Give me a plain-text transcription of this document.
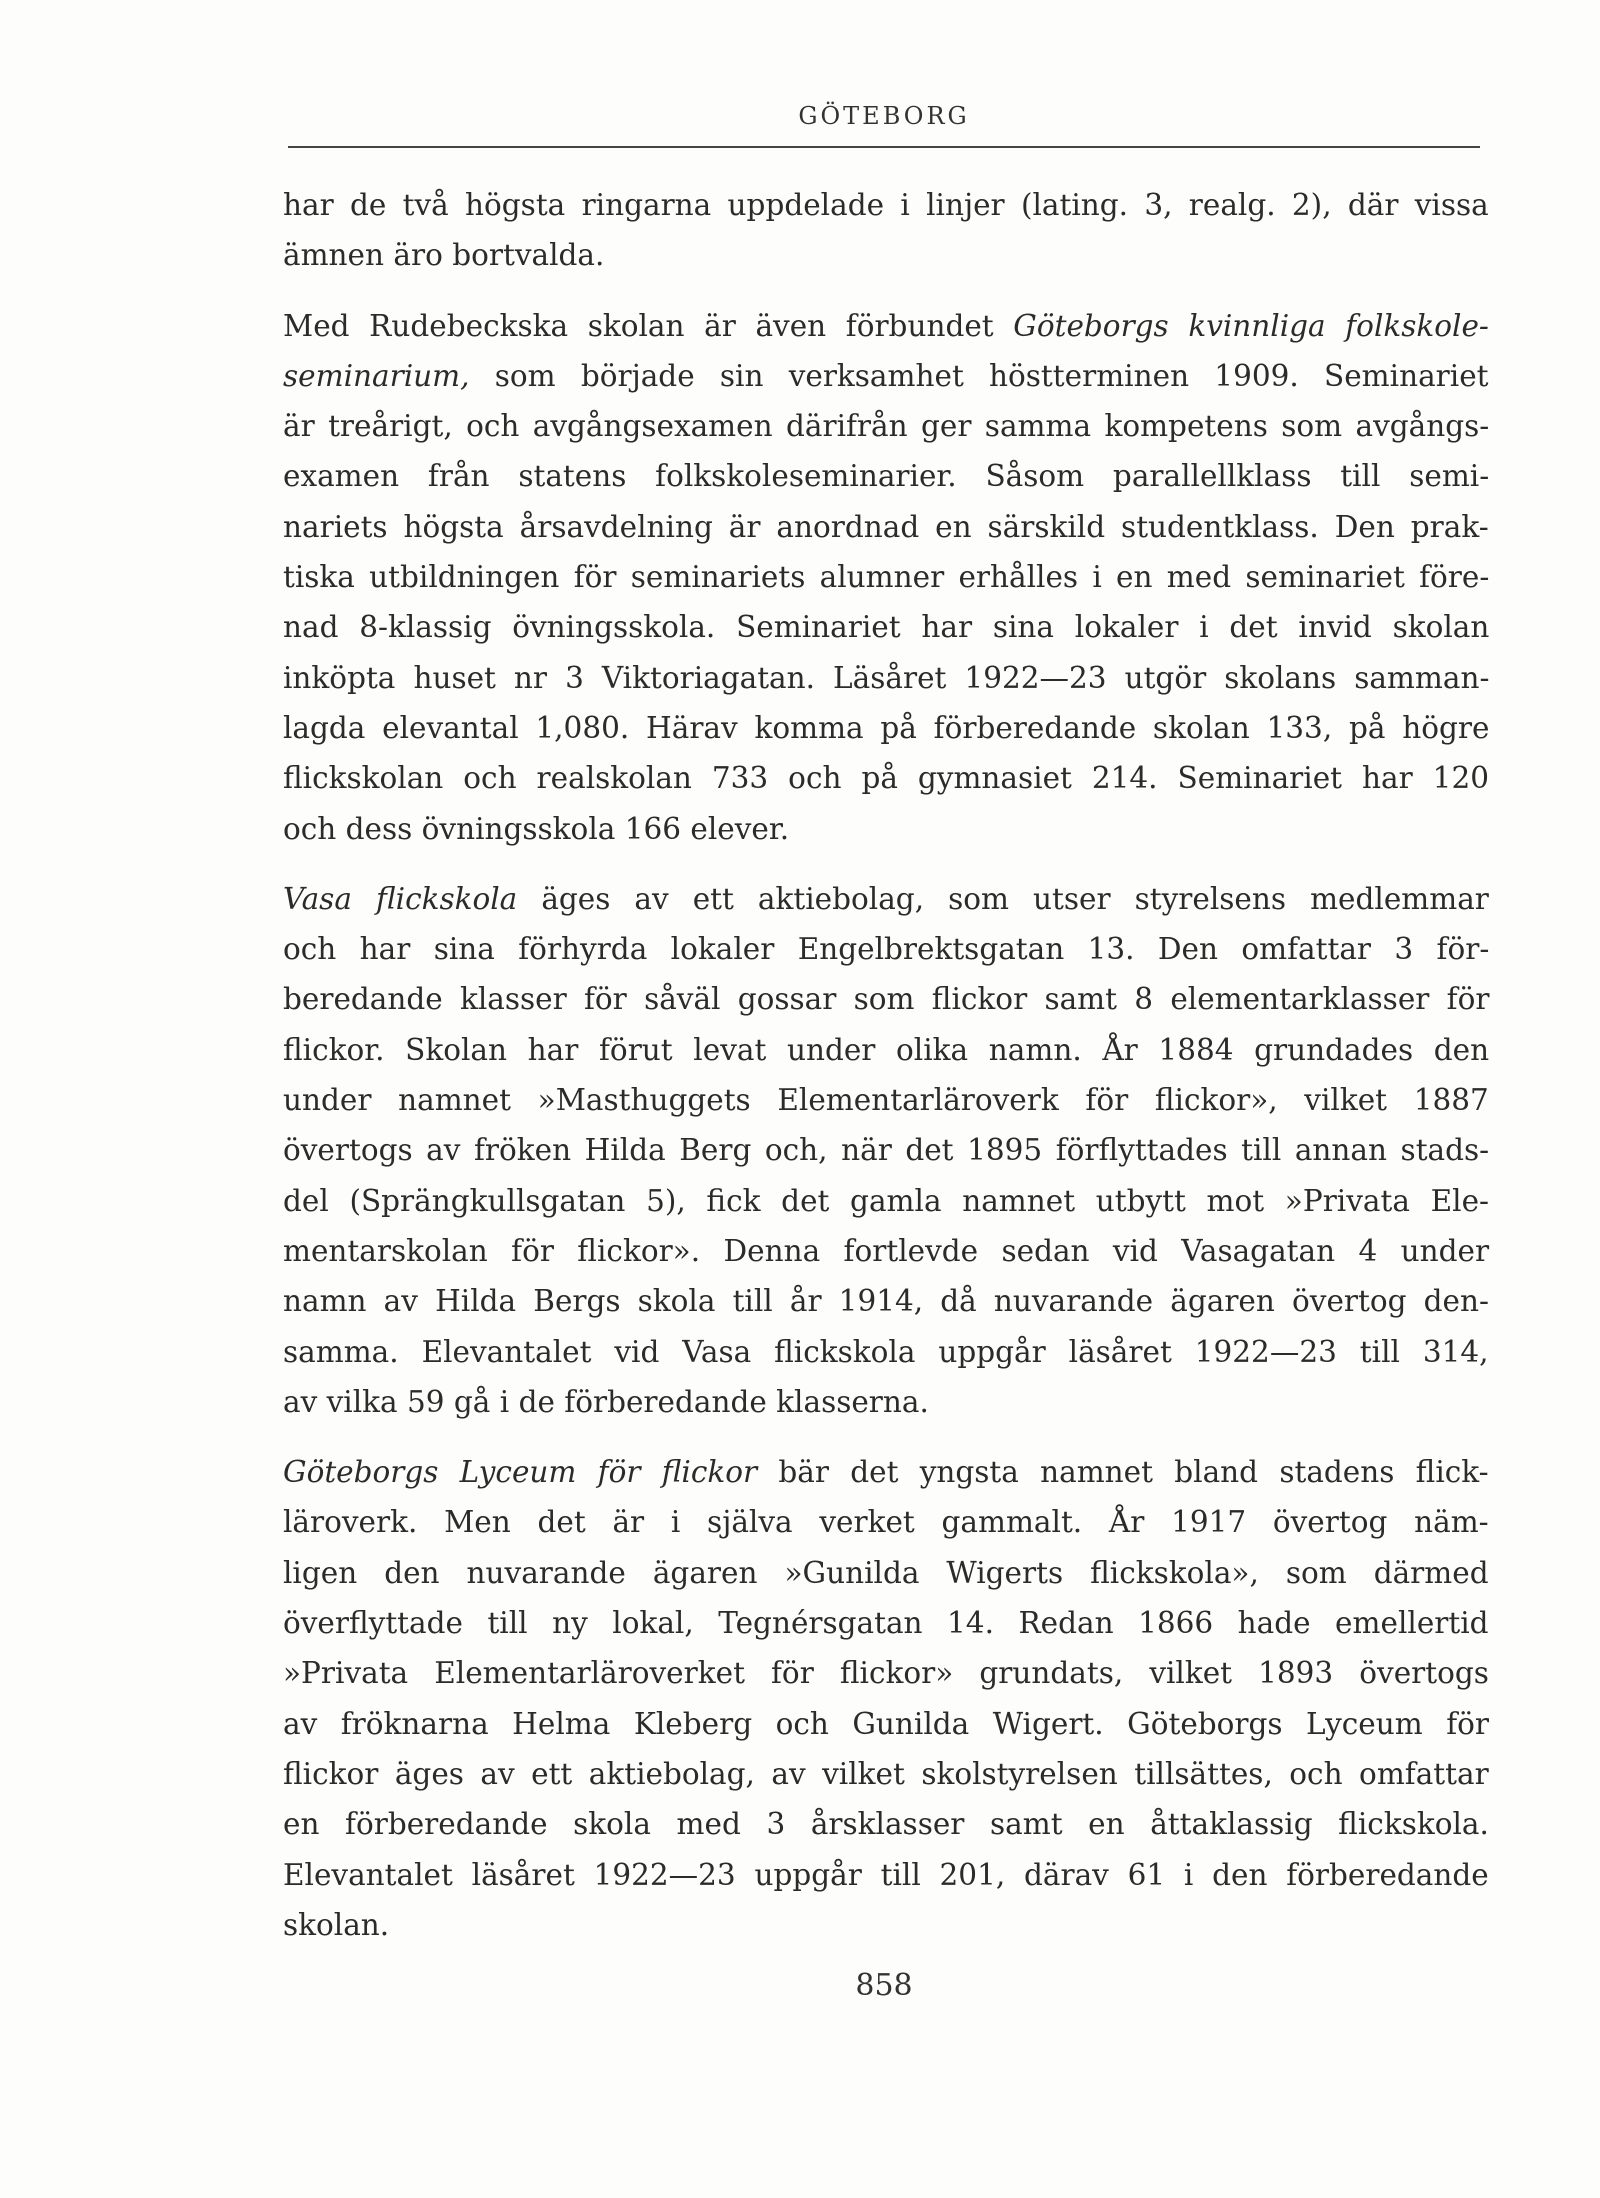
GÖTEBORG
har de två högsta ringarna uppdelade i linjer (lating. 3, realg. 2), där vissa
ämnen äro bortvalda.
Med Rudebeckska skolan är även förbundet Göteborgs kvinnliga folkskole-
seminarium, som började sin verksamhet höstterminen 1909. Seminariet
är treårigt, och avgångsexamen därifrån ger samma kompetens som avgångs-
examen från statens folkskoleseminarier. Såsom parallellklass till semi-
nariets högsta årsavdelning är anordnad en särskild studentklass. Den prak-
tiska utbildningen för seminariets alumner erhålles i en med seminariet före-
nad 8-klassig övningsskola. Seminariet har sina lokaler i det invid skolan
inköpta huset nr 3 Viktoriagatan. Läsåret 1922—23 utgör skolans samman-
lagda elevantal 1,080. Härav komma på förberedande skolan 133, på högre
flickskolan och realskolan 733 och på gymnasiet 214. Seminariet har 120
och dess övningsskola 166 elever.
Vasa flickskola äges av ett aktiebolag, som utser styrelsens medlemmar
och har sina förhyrda lokaler Engelbrektsgatan 13. Den omfattar 3 för-
beredande klasser för såväl gossar som flickor samt 8 elementarklasser för
flickor. Skolan har förut levat under olika namn. År 1884 grundades den
under namnet »Masthuggets Elementarläroverk för flickor», vilket 1887
övertogs av fröken Hilda Berg och, när det 1895 förflyttades till annan stads-
del (Sprängkullsgatan 5), fick det gamla namnet utbytt mot »Privata Ele-
mentarskolan för flickor». Denna fortlevde sedan vid Vasagatan 4 under
namn av Hilda Bergs skola till år 1914, då nuvarande ägaren övertog den-
samma. Elevantalet vid Vasa flickskola uppgår läsåret 1922—23 till 314,
av vilka 59 gå i de förberedande klasserna.
Göteborgs Lyceum för flickor bär det yngsta namnet bland stadens flick-
läroverk. Men det är i själva verket gammalt. År 1917 övertog näm-
ligen den nuvarande ägaren »Gunilda Wigerts flickskola», som därmed
överflyttade till ny lokal, Tegnérsgatan 14. Redan 1866 hade emellertid
»Privata Elementarläroverket för flickor» grundats, vilket 1893 övertogs
av fröknarna Helma Kleberg och Gunilda Wigert. Göteborgs Lyceum för
flickor äges av ett aktiebolag, av vilket skolstyrelsen tillsättes, och omfattar
en förberedande skola med 3 årsklasser samt en åttaklassig flickskola.
Elevantalet läsåret 1922—23 uppgår till 201, därav 61 i den förberedande
skolan.
858
